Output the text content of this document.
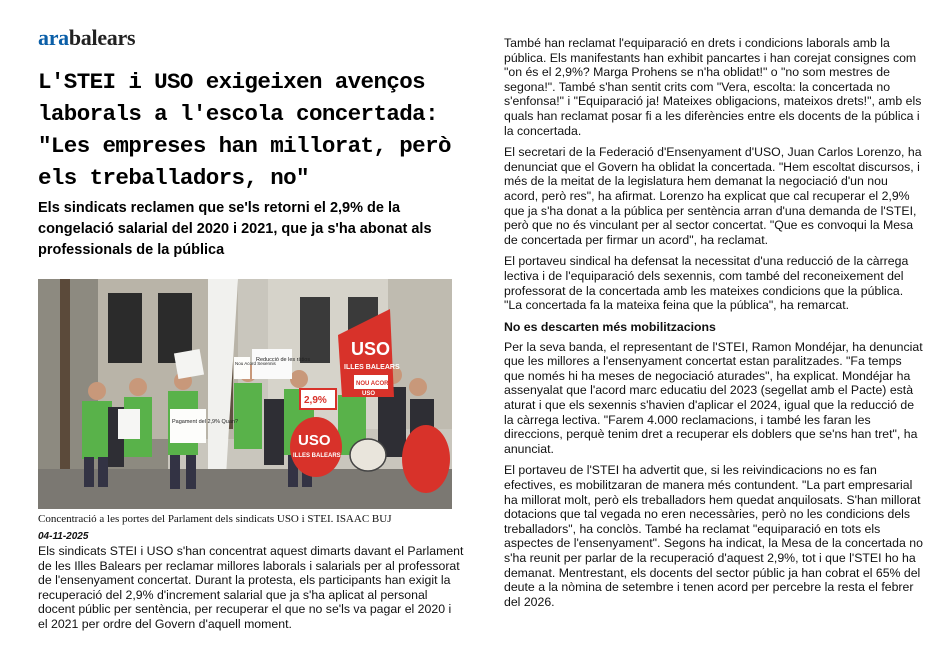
arabalears
L'STEI i USO exigeixen avenços laborals a l'escola concertada: "Les empreses han millorat, però els treballadors, no"
Els sindicats reclamen que se'ls retorni el 2,9% de la congelació salarial del 2020 i 2021, que ja s'ha abonat als professionals de la pública
USO
ILLES BALEARS
NOU ACORD
USO
USO
ILLES BALEARS
2,9%
Reducció de les ràtios
Pagament del 2,9% Quan?
Nou Acord Sexennis
Concentració a les portes del Parlament dels sindicats USO i STEI. ISAAC BUJ
04-11-2025
Els sindicats STEI i USO s'han concentrat aquest dimarts davant el Parlament de les Illes Balears per reclamar millores laborals i salarials per al professorat de l'ensenyament concertat. Durant la protesta, els participants han exigit la recuperació del 2,9% d'increment salarial que ja s'ha aplicat al personal docent públic per sentència, per recuperar el que no se'ls va pagar el 2020 i el 2021 per ordre del Govern d'aquell moment.

També han reclamat l'equiparació en drets i condicions laborals amb la pública. Els manifestants han exhibit pancartes i han corejat consignes com "on és el 2,9%? Marga Prohens se n'ha oblidat!" o "no som mestres de segona!". També s'han sentit crits com "Vera, escolta: la concertada no s'enfonsa!" i "Equiparació ja! Mateixes obligacions, mateixos drets!", amb els quals han reclamat posar fi a les diferències entre els docents de la pública i la concertada.

El secretari de la Federació d'Ensenyament d'USO, Juan Carlos Lorenzo, ha denunciat que el Govern ha oblidat la concertada. "Hem escoltat discursos, i més de la meitat de la legislatura hem demanat la negociació d'un nou acord, però res", ha afirmat. Lorenzo ha explicat que cal recuperar el 2,9% que ja s'ha donat a la pública per sentència arran d'una demanda de l'STEI, però que no és vinculant per al sector concertat. "Que es convoqui la Mesa de concertada per firmar un acord", ha reclamat.

El portaveu sindical ha defensat la necessitat d'una reducció de la càrrega lectiva i de l'equiparació dels sexennis, com també del reconeixement del professorat de la concertada amb les mateixes condicions que la pública. "La concertada fa la mateixa feina que la pública", ha remarcat.

No es descarten més mobilitzacions

Per la seva banda, el representant de l'STEI, Ramon Mondéjar, ha denunciat que les millores a l'ensenyament concertat estan paralitzades. "Fa temps que només hi ha meses de negociació aturades", ha explicat. Mondéjar ha assenyalat que l'acord marc educatiu del 2023 (segellat amb el Pacte) està aturat i que els sexennis s'havien d'aplicar el 2024, igual que la reducció de la càrrega lectiva. "Farem 4.000 reclamacions, i també les faran les direccions, perquè tenim dret a recuperar els doblers que se'ns han tret", ha anunciat.

El portaveu de l'STEI ha advertit que, si les reivindicacions no es fan efectives, es mobilitzaran de manera més contundent. "La part empresarial ha millorat molt, però els treballadors hem quedat anquilosats. S'han millorat dotacions que tal vegada no eren necessàries, però no les condicions dels treballadors", ha conclòs. També ha reclamat "equiparació en tots els aspectes de l'ensenyament". Segons ha indicat, la Mesa de la concertada no s'ha reunit per parlar de la recuperació d'aquest 2,9%, tot i que l'STEI ho ha demanat. Mentrestant, els docents del sector públic ja han cobrat el 65% del deute a la nòmina de setembre i tenen acord per percebre la resta el febrer del 2026.
